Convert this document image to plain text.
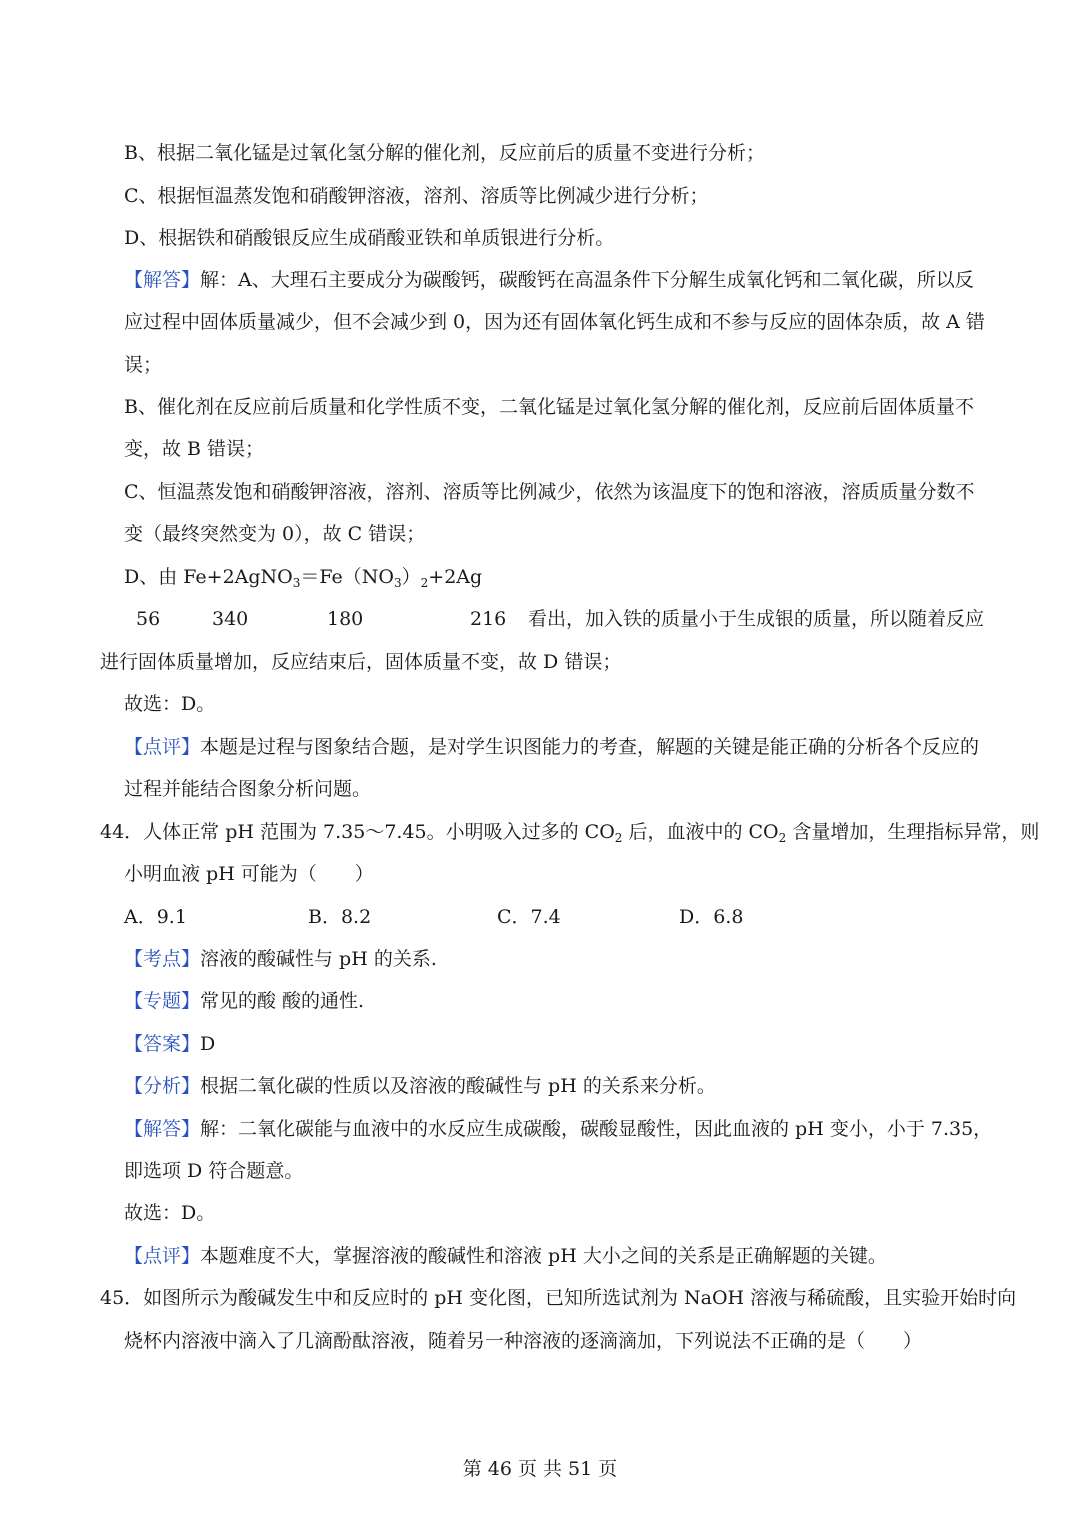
B、根据二氧化锰是过氧化氢分解的催化剂，反应前后的质量不变进行分析；
C、根据恒温蒸发饱和硝酸钾溶液，溶剂、溶质等比例减少进行分析；
D、根据铁和硝酸银反应生成硝酸亚铁和单质银进行分析。
【解答】解：A、大理石主要成分为碳酸钙，碳酸钙在高温条件下分解生成氧化钙和二氧化碳，所以反
应过程中固体质量减少，但不会减少到 0，因为还有固体氧化钙生成和不参与反应的固体杂质，故 A 错
误；
B、催化剂在反应前后质量和化学性质不变，二氧化锰是过氧化氢分解的催化剂，反应前后固体质量不
变，故 B 错误；
C、恒温蒸发饱和硝酸钾溶液，溶剂、溶质等比例减少，依然为该温度下的饱和溶液，溶质质量分数不
变（最终突然变为 0），故 C 错误；
D、由 $Fe+2AgNO_3=Fe(NO_3)_2+2Ag$
56	340	180	216 看出，加入铁的质量小于生成银的质量，所以随着反应
进行固体质量增加，反应结束后，固体质量不变，故 D 错误；
故选：D。
【点评】本题是过程与图象结合题，是对学生识图能力的考查，解题的关键是能正确的分析各个反应的
过程并能结合图象分析问题。
44．人体正常 pH 范围为 7.35～7.45。小明吸入过多的 $CO_2$ 后，血液中的 $CO_2$ 含量增加，生理指标异常，则
小明血液 pH 可能为（　　）
A．9.1	B．8.2	C．7.4	D．6.8
【考点】溶液的酸碱性与 pH 的关系.
【专题】常见的酸 酸的通性.
【答案】D
【分析】根据二氧化碳的性质以及溶液的酸碱性与 pH 的关系来分析。
【解答】解：二氧化碳能与血液中的水反应生成碳酸，碳酸显酸性，因此血液的 pH 变小，小于 7.35，
即选项 D 符合题意。
故选：D。
【点评】本题难度不大，掌握溶液的酸碱性和溶液 pH 大小之间的关系是正确解题的关键。
45．如图所示为酸碱发生中和反应时的 pH 变化图，已知所选试剂为 NaOH 溶液与稀硫酸，且实验开始时向
烧杯内溶液中滴入了几滴酚酞溶液，随着另一种溶液的逐滴滴加，下列说法不正确的是（　　）
第 46 页 共 51 页
